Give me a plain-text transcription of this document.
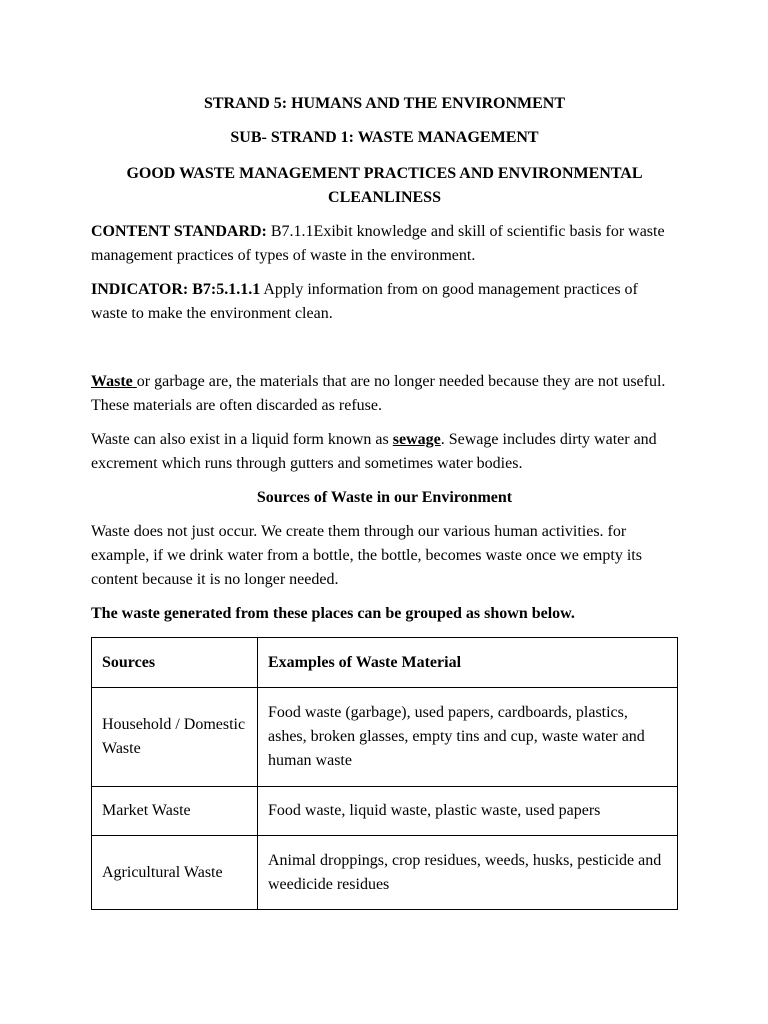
STRAND 5: HUMANS AND THE ENVIRONMENT
SUB- STRAND 1: WASTE MANAGEMENT
GOOD WASTE MANAGEMENT PRACTICES AND ENVIRONMENTAL CLEANLINESS

CONTENT STANDARD: B7.1.1Exibit knowledge and skill of scientific basis for waste management practices of types of waste in the environment.

INDICATOR: B7:5.1.1.1 Apply information from on good management practices of waste to make the environment clean.

Waste or garbage are, the materials that are no longer needed because they are not useful. These materials are often discarded as refuse.

Waste can also exist in a liquid form known as sewage. Sewage includes dirty water and excrement which runs through gutters and sometimes water bodies.

Sources of Waste in our Environment

Waste does not just occur. We create them through our various human activities. for example, if we drink water from a bottle, the bottle, becomes waste once we empty its content because it is no longer needed.

The waste generated from these places can be grouped as shown below.

Sources	Examples of Waste Material
Household / Domestic Waste	Food waste (garbage), used papers, cardboards, plastics, ashes, broken glasses, empty tins and cup, waste water and human waste
Market Waste	Food waste, liquid waste, plastic waste, used papers
Agricultural Waste	Animal droppings, crop residues, weeds, husks, pesticide and weedicide residues
